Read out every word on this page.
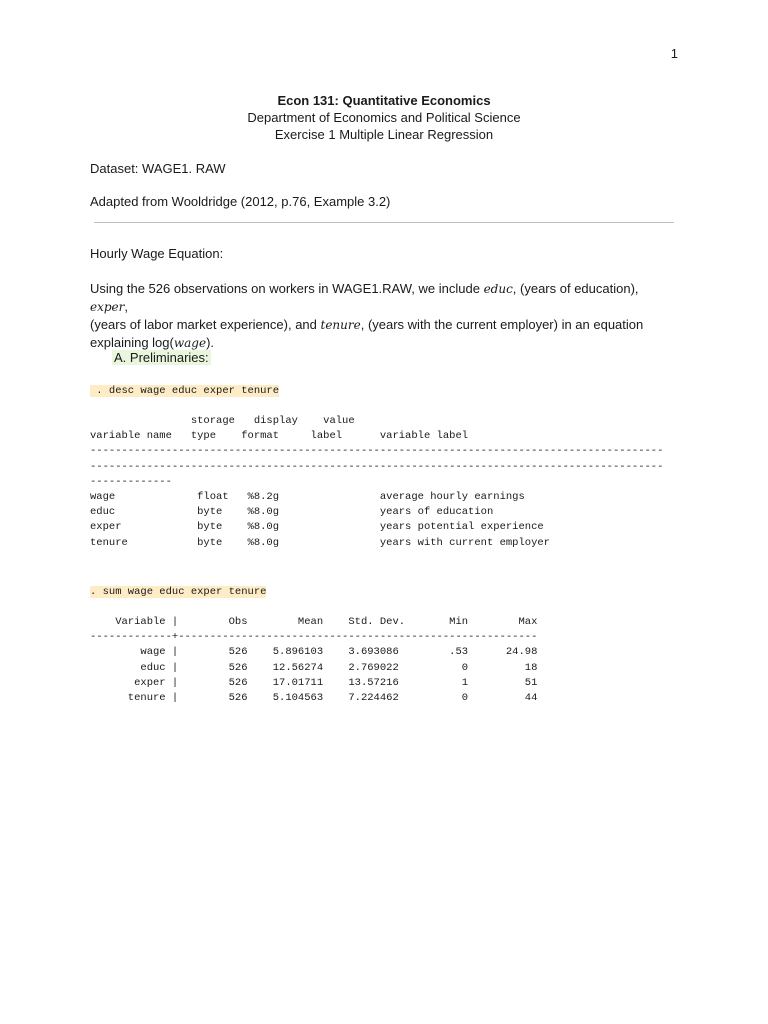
1
Econ 131: Quantitative Economics
Department of Economics and Political Science
Exercise 1 Multiple Linear Regression
Dataset: WAGE1. RAW
Adapted from Wooldridge (2012, p.76, Example 3.2)
Hourly Wage Equation:
Using the 526 observations on workers in WAGE1.RAW, we include educ, (years of education), exper,
(years of labor market experience), and tenure, (years with the current employer) in an equation
explaining log(wage).
A. Preliminaries:
. desc wage educ exper tenure
storage   display    value
variable name   type    format     label      variable label
-------------------------------------------------------------------------------------------
-------------------------------------------------------------------------------------------
-------------
wage             float   %8.2g                average hourly earnings
educ             byte    %8.0g                years of education
exper            byte    %8.0g                years potential experience
tenure           byte    %8.0g                years with current employer
. sum wage educ exper tenure
Variable |        Obs        Mean    Std. Dev.       Min        Max
-------------+---------------------------------------------------------
wage |        526    5.896103    3.693086        .53      24.98
educ |        526    12.56274    2.769022          0         18
exper |        526    17.01711    13.57216          1         51
tenure |        526    5.104563    7.224462          0         44
